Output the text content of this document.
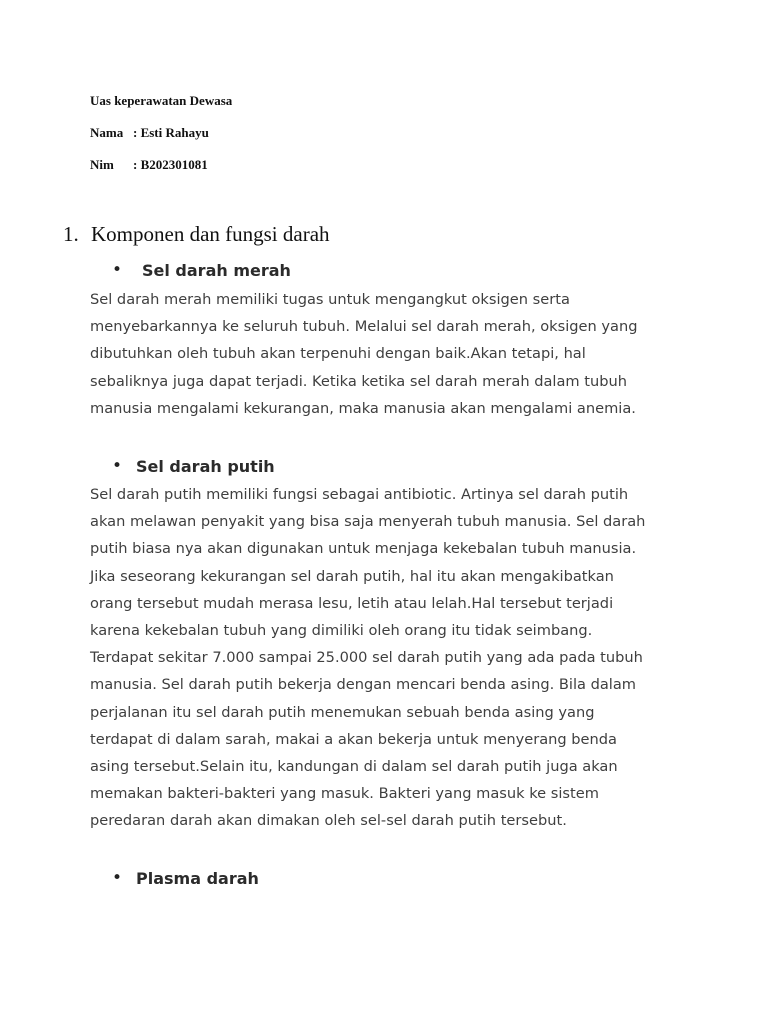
Uas keperawatan Dewasa
Nama : Esti Rahayu
Nim : B202301081
1. Komponen dan fungsi darah
• Sel darah merah
Sel darah merah memiliki tugas untuk mengangkut oksigen serta
menyebarkannya ke seluruh tubuh. Melalui sel darah merah, oksigen yang
dibutuhkan oleh tubuh akan terpenuhi dengan baik.Akan tetapi, hal
sebaliknya juga dapat terjadi. Ketika ketika sel darah merah dalam tubuh
manusia mengalami kekurangan, maka manusia akan mengalami anemia.
• Sel darah putih
Sel darah putih memiliki fungsi sebagai antibiotic. Artinya sel darah putih
akan melawan penyakit yang bisa saja menyerah tubuh manusia. Sel darah
putih biasa nya akan digunakan untuk menjaga kekebalan tubuh manusia.
Jika seseorang kekurangan sel darah putih, hal itu akan mengakibatkan
orang tersebut mudah merasa lesu, letih atau lelah.Hal tersebut terjadi
karena kekebalan tubuh yang dimiliki oleh orang itu tidak seimbang.
Terdapat sekitar 7.000 sampai 25.000 sel darah putih yang ada pada tubuh
manusia. Sel darah putih bekerja dengan mencari benda asing. Bila dalam
perjalanan itu sel darah putih menemukan sebuah benda asing yang
terdapat di dalam sarah, makai a akan bekerja untuk menyerang benda
asing tersebut.Selain itu, kandungan di dalam sel darah putih juga akan
memakan bakteri-bakteri yang masuk. Bakteri yang masuk ke sistem
peredaran darah akan dimakan oleh sel-sel darah putih tersebut.
• Plasma darah
